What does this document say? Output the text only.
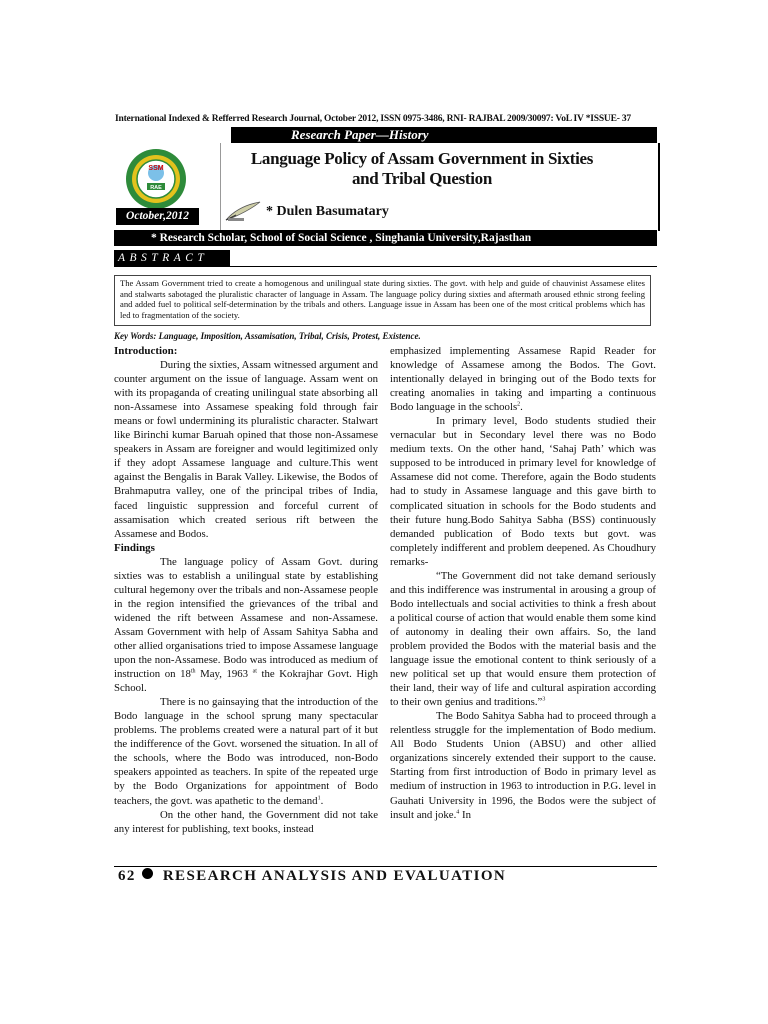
International Indexed & Refferred Research Journal, October 2012, ISSN 0975-3486, RNI- RAJBAL 2009/30097: VoL IV *ISSUE- 37
Research Paper—History
Language Policy of Assam Government in Sixties
and Tribal Question
SSM
RAE
October,2012	* Dulen Basumatary
* Research Scholar, School of Social Science , Singhania University,Rajasthan
ABSTRACT
The Assam Government tried to create a homogenous and unilingual state during sixties. The govt. with help and guide of chauvinist Assamese elites and stalwarts sabotaged the pluralistic character of language in Assam. The language policy during sixties and aftermath aroused ethnic strong feeling and added fuel to political self-determination by the tribals and others. Language issue in Assam has been one of the most critical problems which has led to fragmentation of the society.
Key Words: Language, Imposition, Assamisation, Tribal, Crisis, Protest, Existence.
Introduction:

During the sixties, Assam witnessed argument and counter argument on the issue of language. Assam went on with its propaganda of creating unilingual state absorbing all non-Assamese into Assamese speaking fold through fair means or fowl undermining its pluralistic character. Stalwart like Birinchi kumar Baruah opined that those non-Assamese speakers in Assam are foreigner and would legitimized only if they adopt Assamese language and culture.This went against the Bengalis in Barak Valley. Likewise, the Bodos of Brahmaputra valley, one of the principal tribes of India, faced linguistic suppression and forceful current of assamisation which created serious rift between the Assamese and Bodos.

Findings

The language policy of Assam Govt. during sixties was to establish a unilingual state by establishing cultural hegemony over the tribals and non-Assamese people in the region intensified the grievances of the tribal and widened the rift between Assamese and non-Assamese. Assam Government with help of Assam Sahitya Sabha and other allied organisations tried to impose Assamese language upon the non-Assamese. Bodo was introduced as medium of instruction on 18th May, 1963 $^{at}$ the Kokrajhar Govt. High School.

There is no gainsaying that the introduction of the Bodo language in the school sprung many spectacular problems. The problems created were a natural part of it but the indifference of the Govt. worsened the situation. In all of the schools, where the Bodo was introduced, non-Bodo speakers appointed as teachers. In spite of the repeated urge by the Bodo Organizations for appointment of Bodo teachers, the govt. was apathetic to the demand$^1$.

On the other hand, the Government did not take any interest for publishing, text books, instead

emphasized implementing Assamese Rapid Reader for knowledge of Assamese among the Bodos. The Govt. intentionally delayed in bringing out of the Bodo texts for creating anomalies in taking and imparting a continuous Bodo language in the schools$^2$.

In primary level, Bodo students studied their vernacular but in Secondary level there was no Bodo medium texts. On the other hand, ‘Sahaj Path’ which was supposed to be introduced in primary level for knowledge of Assamese did not come. Therefore, again the Bodo students had to study in Assamese language and this gave birth to complicated situation in schools for the Bodo students and their future hung.Bodo Sahitya Sabha (BSS) continuously demanded publication of Bodo texts but govt. was completely indifferent and problem deepened. As Choudhury remarks-

“The Government did not take demand seriously and this indifference was instrumental in arousing a group of Bodo intellectuals and social activities to think a fresh about a political course of action that would enable them some kind of autonomy in dealing their own affairs. So, the land problem provided the Bodos with the material basis and the language issue the emotional content to think seriously of a new political set up that would ensure them protection of their land, their way of life and cultural aspiration according to their own genius and traditions.”$^3$

The Bodo Sahitya Sabha had to proceed through a relentless struggle for the implementation of Bodo medium. All Bodo Students Union (ABSU) and other allied organizations sincerely extended their support to the cause. Starting from first introduction of Bodo in primary level as medium of instruction in 1963 to introduction in P.G. level in Gauhati University in 1996, the Bodos were the subject of insult and joke.$^4$ In

62 RESEARCH ANALYSIS AND EVALUATION
